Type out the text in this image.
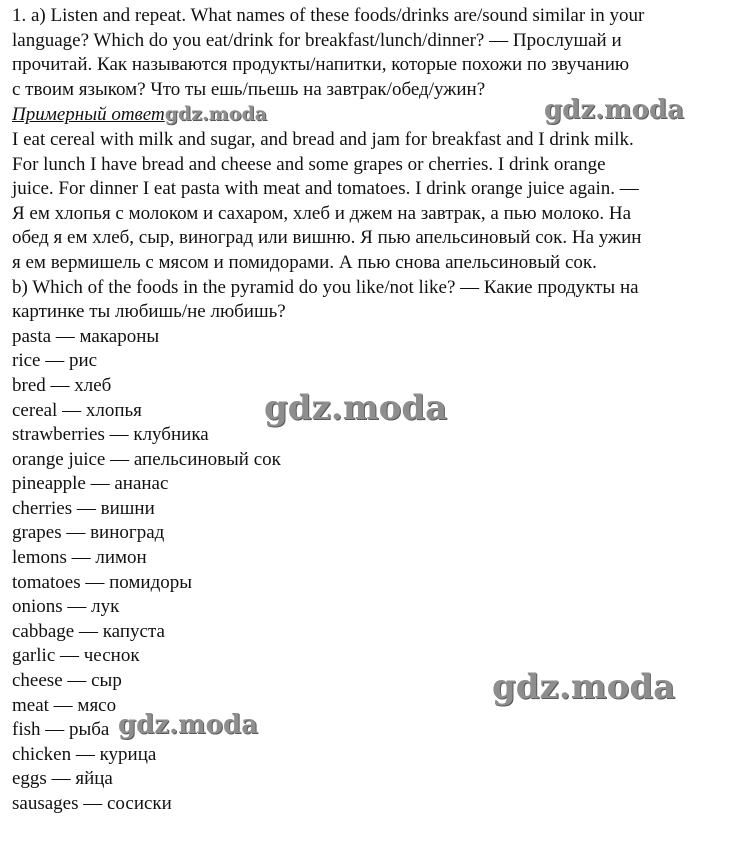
1. a) Listen and repeat. What names of these foods/drinks are/sound similar in your
language? Which do you eat/drink for breakfast/lunch/dinner? — Прослушай и
прочитай. Как называются продукты/напитки, которые похожи по звучанию
с твоим языком? Что ты ешь/пьешь на завтрак/обед/ужин?
Примерный ответgdz.moda
I eat cereal with milk and sugar, and bread and jam for breakfast and I drink milk.
For lunch I have bread and cheese and some grapes or cherries. I drink orange
juice. For dinner I eat pasta with meat and tomatoes. I drink orange juice again. —
Я ем хлопья с молоком и сахаром, хлеб и джем на завтрак, а пью молоко. На
обед я ем хлеб, сыр, виноград или вишню. Я пью апельсиновый сок. На ужин
я ем вермишель с мясом и помидорами. А пью снова апельсиновый сок.
b) Which of the foods in the pyramid do you like/not like? — Какие продукты на
картинке ты любишь/не любишь?
pasta — макароны
rice — рис
bred — хлеб
cereal — хлопья
strawberries — клубника
orange juice — апельсиновый сок
pineapple — ананас
cherries — вишни
grapes — виноград
lemons — лимон
tomatoes — помидоры
onions — лук
cabbage — капуста
garlic — чеснок
cheese — сыр
meat — мясо
fish — рыба
chicken — курица
eggs — яйца
sausages — сосиски
gdz.moda
gdz.moda
gdz.moda
gdz.moda
